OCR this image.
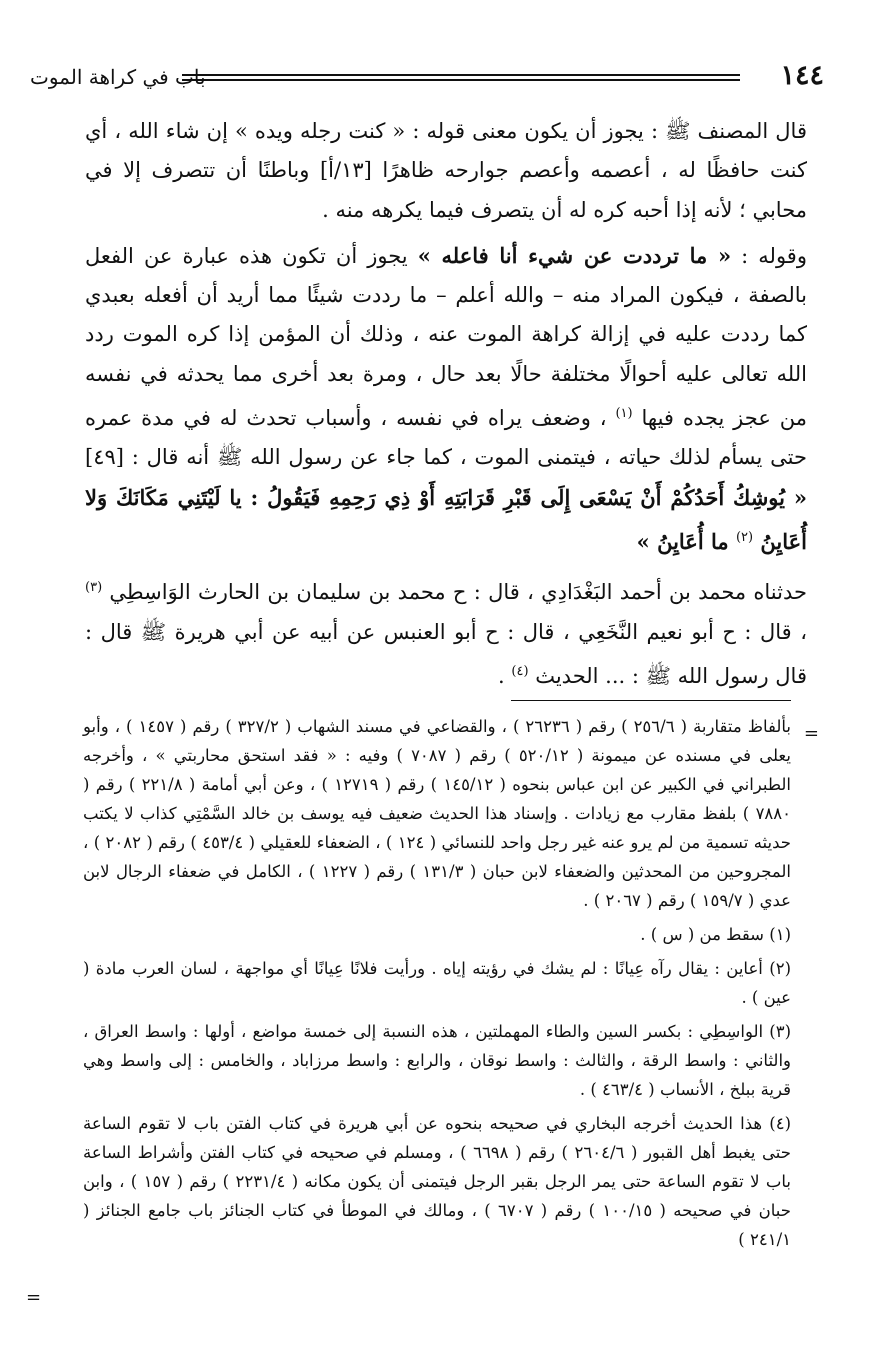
١٤٤
باب في كراهة الموت

قال المصنف ﷺ : يجوز أن يكون معنى قوله : « كنت رجله ويده » إن شاء الله ، أي كنت حافظًا له ، أعصمه وأعصم جوارحه ظاهرًا [١٣/أ] وباطنًا أن تتصرف إلا في محابي ؛ لأنه إذا أحبه كره له أن يتصرف فيما يكرهه منه .

وقوله : « ما ترددت عن شيء أنا فاعله » يجوز أن تكون هذه عبارة عن الفعل بالصفة ، فيكون المراد منه – والله أعلم – ما رددت شيئًا مما أريد أن أفعله بعبدي كما رددت عليه في إزالة كراهة الموت عنه ، وذلك أن المؤمن إذا كره الموت ردد الله تعالى عليه أحوالًا مختلفة حالًا بعد حال ، ومرة بعد أخرى مما يحدثه في نفسه من عجز يجده فيها $^{(١)}$ ، وضعف يراه في نفسه ، وأسباب تحدث له في مدة عمره حتى يسأم لذلك حياته ، فيتمنى الموت ، كما جاء عن رسول الله ﷺ أنه قال : [٤٩] « يُوشِكُ أَحَدُكُمْ أَنْ يَسْعَى إِلَى قَبْرِ قَرَابَتِهِ أَوْ ذِي رَحِمِهِ فَيَقُولُ : يا لَيْتَنِي مَكَانَكَ وَلا أُعَايِنُ $^{(٢)}$ ما أُعَايِنُ »

حدثناه محمد بن أحمد البَغْدَادِي ، قال : ح محمد بن سليمان بن الحارث الوَاسِطِي $^{(٣)}$ ، قال : ح أبو نعيم النَّخَعِي ، قال : ح أبو العنبس عن أبيه عن أبي هريرة ﷺ قال : قال رسول الله ﷺ : ... الحديث $^{(٤)}$ .

بألفاظ متقاربة ( ٢٥٦/٦ ) رقم ( ٢٦٢٣٦ ) ، والقضاعي في مسند الشهاب ( ٣٢٧/٢ ) رقم ( ١٤٥٧ ) ، وأبو يعلى في مسنده عن ميمونة ( ٥٢٠/١٢ ) رقم ( ٧٠٨٧ ) وفيه : « فقد استحق محاربتي » ، وأخرجه الطبراني في الكبير عن ابن عباس بنحوه ( ١٤٥/١٢ ) رقم ( ١٢٧١٩ ) ، وعن أبي أمامة ( ٢٢١/٨ ) رقم ( ٧٨٨٠ ) بلفظ مقارب مع زيادات . وإسناد هذا الحديث ضعيف فيه يوسف بن خالد السَّمْتِي كذاب لا يكتب حديثه تسمية من لم يرو عنه غير رجل واحد للنسائي ( ١٢٤ ) ، الضعفاء للعقيلي ( ٤٥٣/٤ ) رقم ( ٢٠٨٢ ) ، المجروحين من المحدثين والضعفاء لابن حبان ( ١٣١/٣ ) رقم ( ١٢٢٧ ) ، الكامل في ضعفاء الرجال لابن عدي ( ١٥٩/٧ ) رقم ( ٢٠٦٧ ) .

(١) سقط من ( س ) .

(٢) أعاين : يقال رآه عِيانًا : لم يشك في رؤيته إياه . ورأيت فلانًا عِيانًا أي مواجهة ، لسان العرب مادة ( عين ) .

(٣) الواسِطِي : بكسر السين والطاء المهملتين ، هذه النسبة إلى خمسة مواضع ، أولها : واسط العراق ، والثاني : واسط الرقة ، والثالث : واسط نوقان ، والرابع : واسط مرزاباد ، والخامس : إلى واسط وهي قرية ببلخ ، الأنساب ( ٤٦٣/٤ ) .

(٤) هذا الحديث أخرجه البخاري في صحيحه بنحوه عن أبي هريرة في كتاب الفتن باب لا تقوم الساعة حتى يغبط أهل القبور ( ٢٦٠٤/٦ ) رقم ( ٦٦٩٨ ) ، ومسلم في صحيحه في كتاب الفتن وأشراط الساعة باب لا تقوم الساعة حتى يمر الرجل بقبر الرجل فيتمنى أن يكون مكانه ( ٢٢٣١/٤ ) رقم ( ١٥٧ ) ، وابن حبان في صحيحه ( ١٠٠/١٥ ) رقم ( ٦٧٠٧ ) ، ومالك في الموطأ في كتاب الجنائز باب جامع الجنائز ( ٢٤١/١ )

=
=
